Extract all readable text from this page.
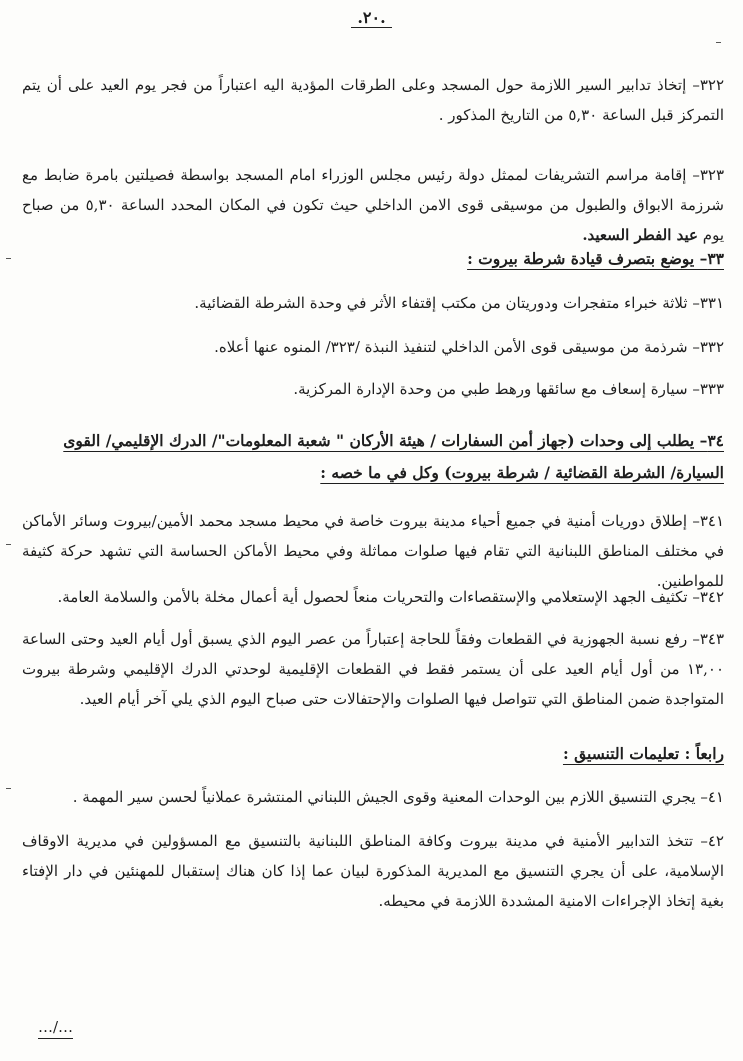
.٢٠.

٣٢٢– إتخاذ تدابير السير اللازمة حول المسجد وعلى الطرقات المؤدية اليه اعتباراً من فجر يوم العيد على أن يتم التمركز قبل الساعة ٥,٣٠ من التاريخ المذكور .

٣٢٣– إقامة مراسم التشريفات لممثل دولة رئيس مجلس الوزراء امام المسجد بواسطة فصيلتين بامرة ضابط مع شرزمة الابواق والطبول من موسيقى قوى الامن الداخلي حيث تكون في المكان المحدد الساعة ٥,٣٠ من صباح يوم عيد الفطر السعيد.

٣٣– يوضع بتصرف قيادة شرطة بيروت :

٣٣١– ثلاثة خبراء متفجرات ودوريتان من مكتب إقتفاء الأثر في وحدة الشرطة القضائية.

٣٣٢– شرذمة من موسيقى قوى الأمن الداخلي لتنفيذ النبذة /٣٢٣/ المنوه عنها أعلاه.

٣٣٣– سيارة إسعاف مع سائقها ورهط طبي من وحدة الإدارة المركزية.

٣٤– يطلب إلى وحدات (جهاز أمن السفارات / هيئة الأركان " شعبة المعلومات"/ الدرك الإقليمي/ القوى السيارة/ الشرطة القضائية / شرطة بيروت) وكل في ما خصه :

٣٤١– إطلاق دوريات أمنية في جميع أحياء مدينة بيروت خاصة في محيط مسجد محمد الأمين/بيروت وسائر الأماكن في مختلف المناطق اللبنانية التي تقام فيها صلوات مماثلة وفي محيط الأماكن الحساسة التي تشهد حركة كثيفة للمواطنين.

٣٤٢– تكثيف الجهد الإستعلامي والإستقصاءات والتحريات منعاً لحصول أية أعمال مخلة بالأمن والسلامة العامة.

٣٤٣– رفع نسبة الجهوزية في القطعات وفقاً للحاجة إعتباراً من عصر اليوم الذي يسبق أول أيام العيد وحتى الساعة ١٣,٠٠ من أول أيام العيد على أن يستمر فقط في القطعات الإقليمية لوحدتي الدرك الإقليمي وشرطة بيروت المتواجدة ضمن المناطق التي تتواصل فيها الصلوات والإحتفالات حتى صباح اليوم الذي يلي آخر أيام العيد.

رابعاً : تعليمات التنسيق :

٤١– يجري التنسيق اللازم بين الوحدات المعنية وقوى الجيش اللبناني المنتشرة عملانياً لحسن سير المهمة .

٤٢– تتخذ التدابير الأمنية في مدينة بيروت وكافة المناطق اللبنانية بالتنسيق مع المسؤولين في مديرية الاوقاف الإسلامية، على أن يجري التنسيق مع المديرية المذكورة لبيان عما إذا كان هناك إستقبال للمهنئين في دار الإفتاء بغية إتخاذ الإجراءات الامنية المشددة اللازمة في محيطه.

…/…
